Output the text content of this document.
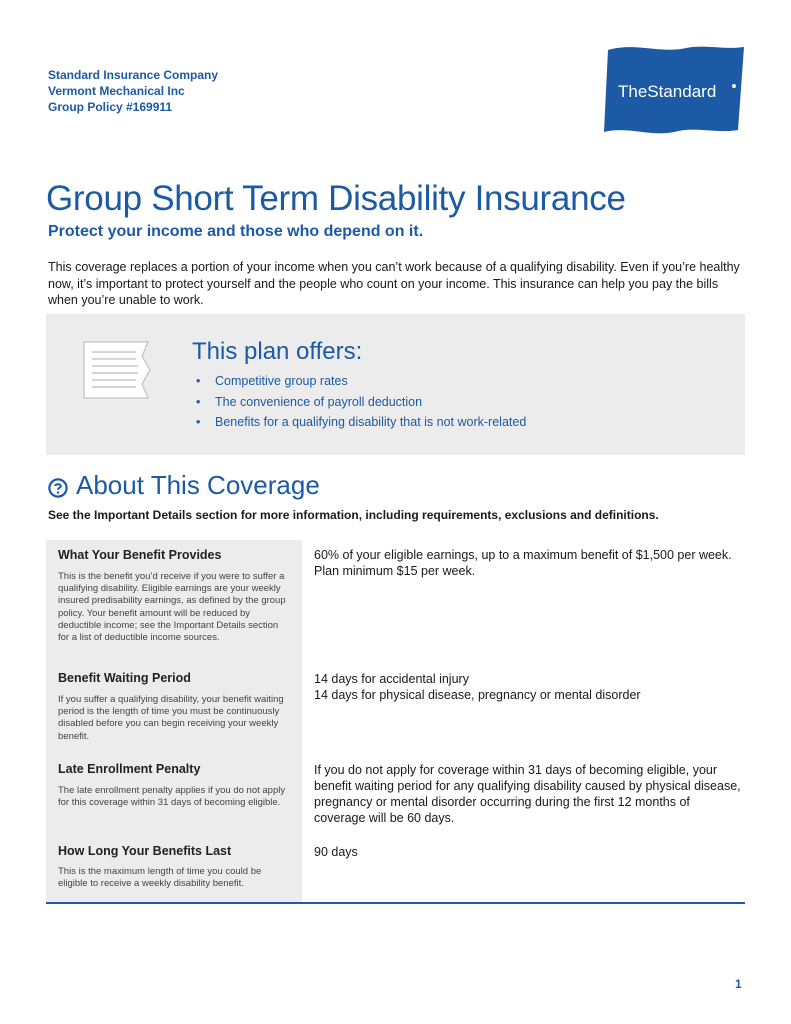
Standard Insurance Company
Vermont Mechanical Inc
Group Policy #169911
TheStandard
Group Short Term Disability Insurance
Protect your income and those who depend on it.

This coverage replaces a portion of your income when you can’t work because of a qualifying disability. Even if you’re healthy now, it’s important to protect yourself and the people who count on your income. This insurance can help you pay the bills when you’re unable to work.

This plan offers:
• Competitive group rates
• The convenience of payroll deduction
• Benefits for a qualifying disability that is not work-related
About This Coverage

See the Important Details section for more information, including requirements, exclusions and definitions.

What Your Benefit Provides

This is the benefit you’d receive if you were to suffer a qualifying disability. Eligible earnings are your weekly insured predisability earnings, as defined by the group policy. Your benefit amount will be reduced by deductible income; see the Important Details section for a list of deductible income sources.

60% of your eligible earnings, up to a maximum benefit of $1,500 per week. Plan minimum $15 per week.

Benefit Waiting Period

If you suffer a qualifying disability, your benefit waiting period is the length of time you must be continuously disabled before you can begin receiving your weekly benefit.

14 days for accidental injury
14 days for physical disease, pregnancy or mental disorder

Late Enrollment Penalty

The late enrollment penalty applies if you do not apply for this coverage within 31 days of becoming eligible.

If you do not apply for coverage within 31 days of becoming eligible, your benefit waiting period for any qualifying disability caused by physical disease, pregnancy or mental disorder occurring during the first 12 months of coverage will be 60 days.

How Long Your Benefits Last

This is the maximum length of time you could be eligible to receive a weekly disability benefit.

90 days

1
